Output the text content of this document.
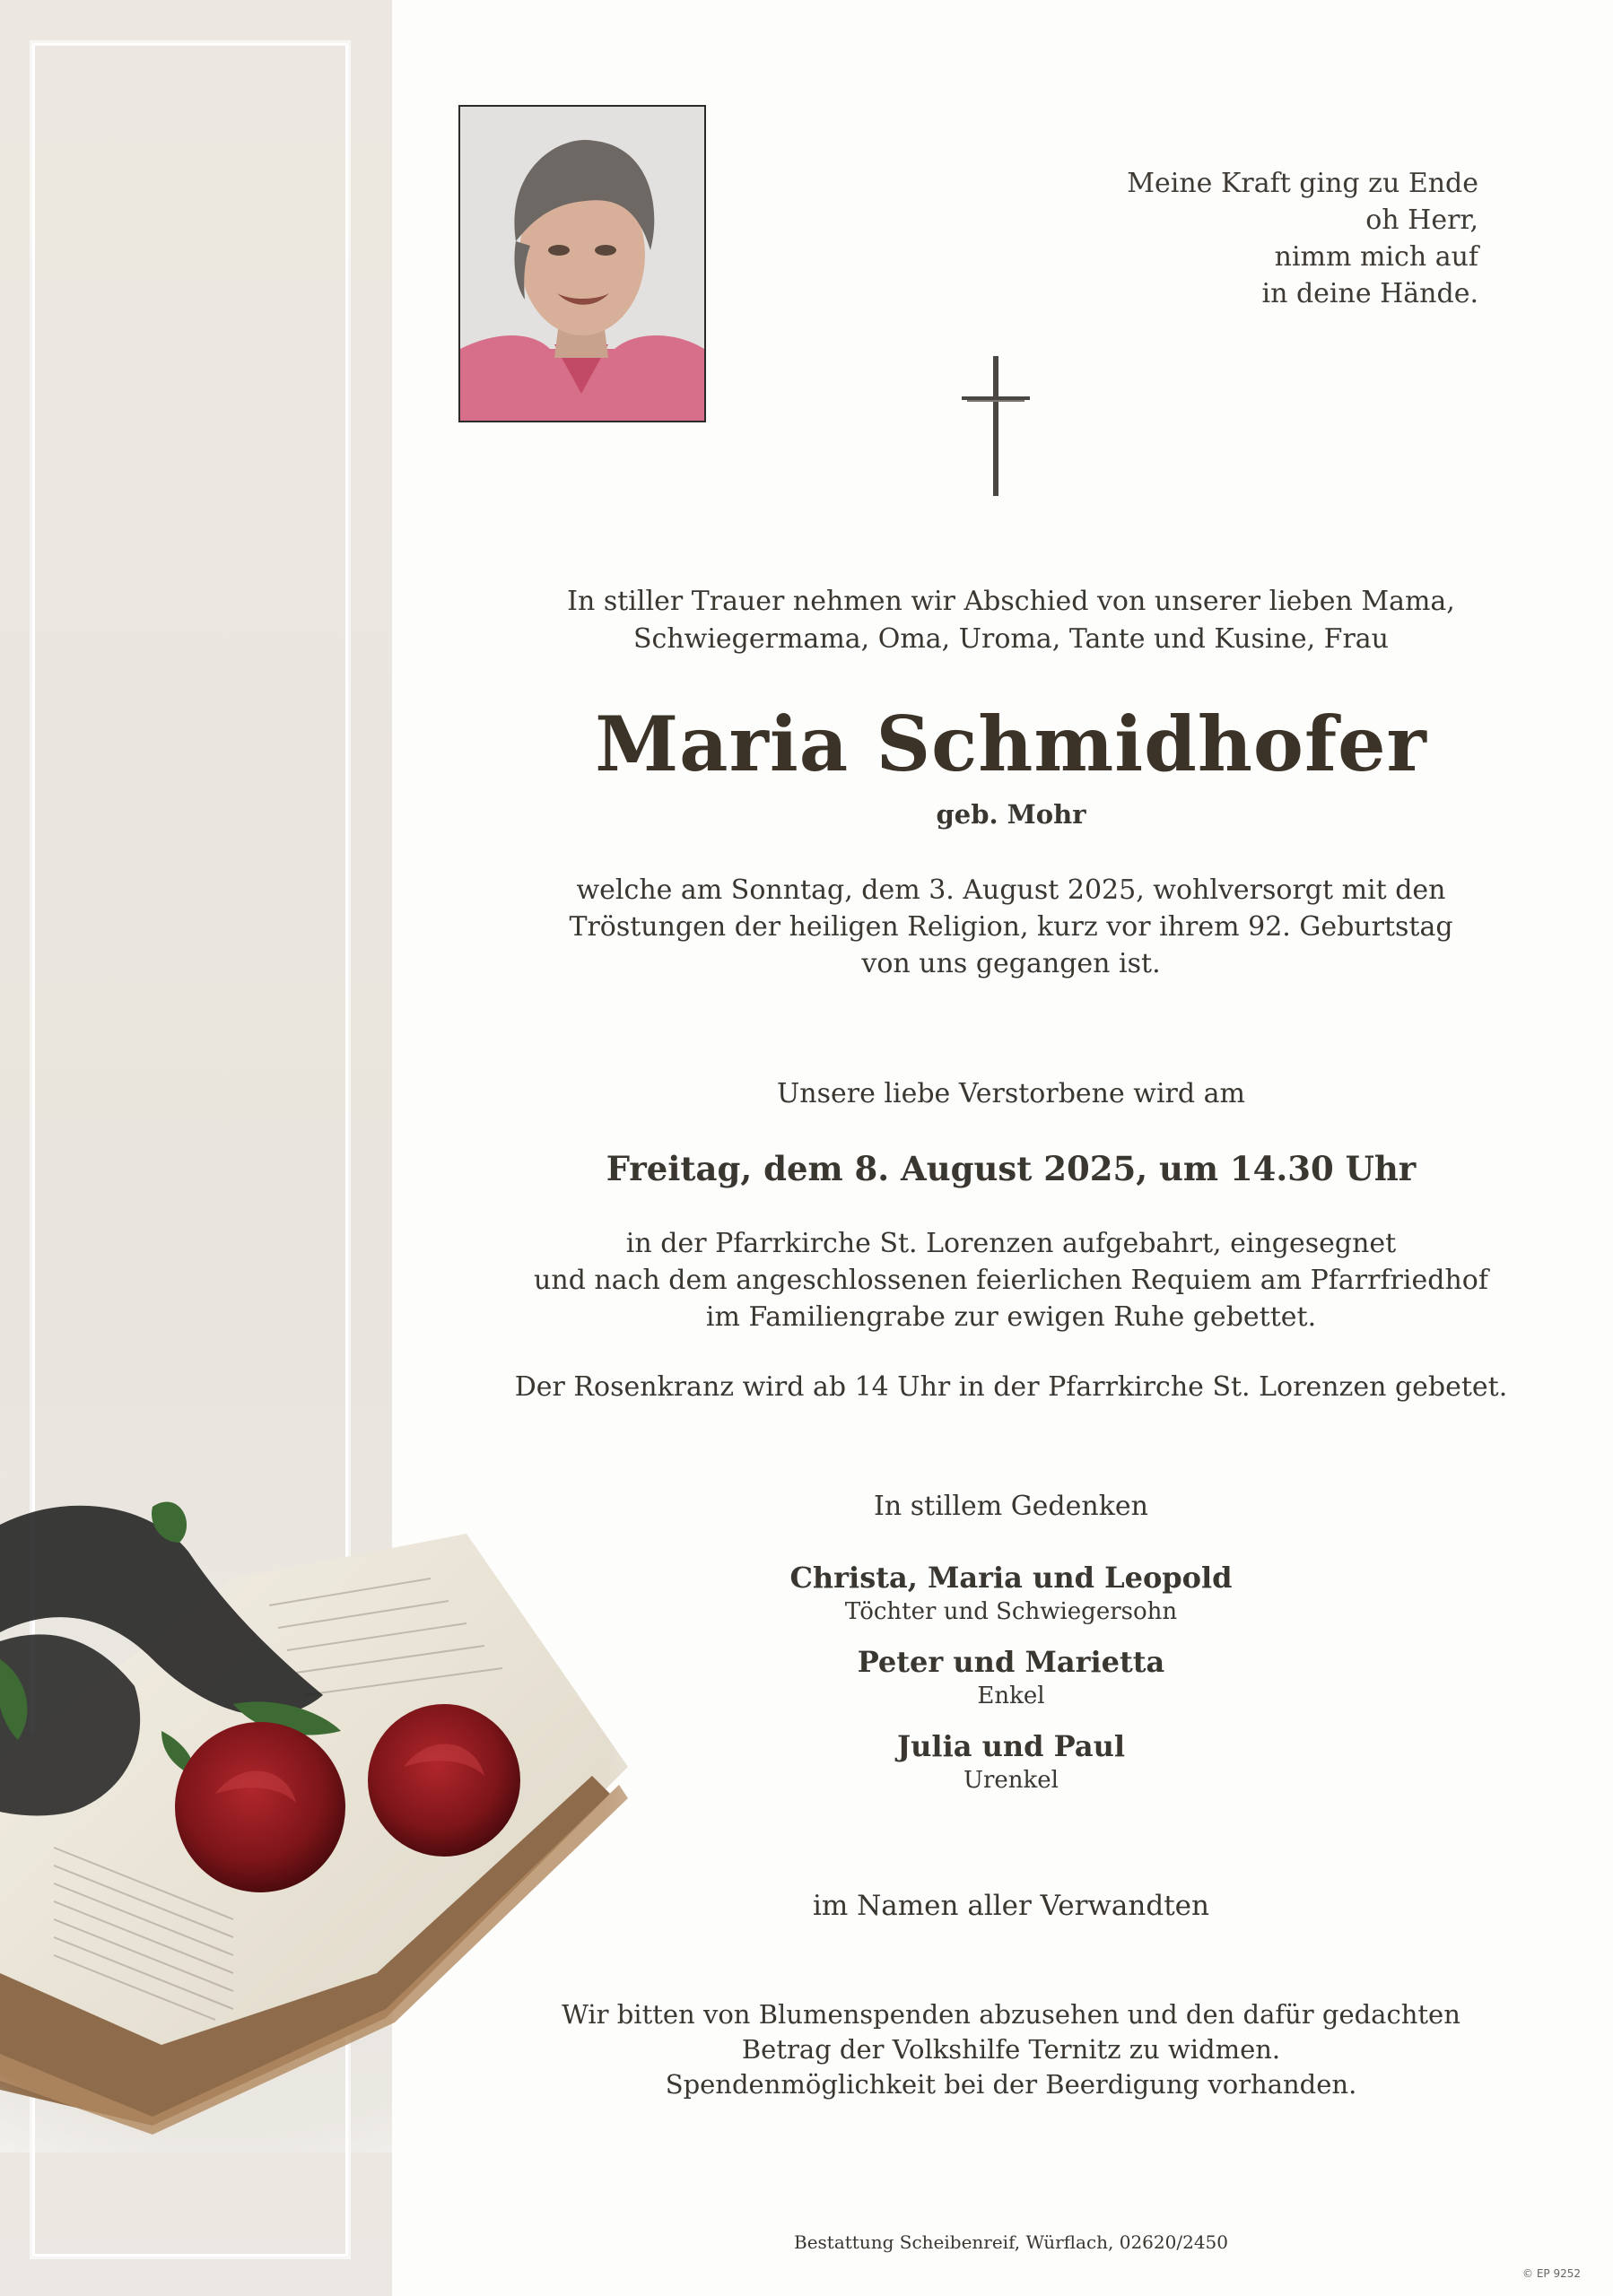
Meine Kraft ging zu Ende
oh Herr,
nimm mich auf
in deine Hände.
In stiller Trauer nehmen wir Abschied von unserer lieben Mama,
Schwiegermama, Oma, Uroma, Tante und Kusine, Frau
Maria Schmidhofer
geb. Mohr
welche am Sonntag, dem 3. August 2025, wohlversorgt mit den
Tröstungen der heiligen Religion, kurz vor ihrem 92. Geburtstag
von uns gegangen ist.
Unsere liebe Verstorbene wird am
Freitag, dem 8. August 2025, um 14.30 Uhr
in der Pfarrkirche St. Lorenzen aufgebahrt, eingesegnet
und nach dem angeschlossenen feierlichen Requiem am Pfarrfriedhof
im Familiengrabe zur ewigen Ruhe gebettet.
Der Rosenkranz wird ab 14 Uhr in der Pfarrkirche St. Lorenzen gebetet.
In stillem Gedenken
Christa, Maria und Leopold
Töchter und Schwiegersohn
Peter und Marietta
Enkel
Julia und Paul
Urenkel
im Namen aller Verwandten
Wir bitten von Blumenspenden abzusehen und den dafür gedachten
Betrag der Volkshilfe Ternitz zu widmen.
Spendenmöglichkeit bei der Beerdigung vorhanden.
Bestattung Scheibenreif, Würflach, 02620/2450
© EP 9252
